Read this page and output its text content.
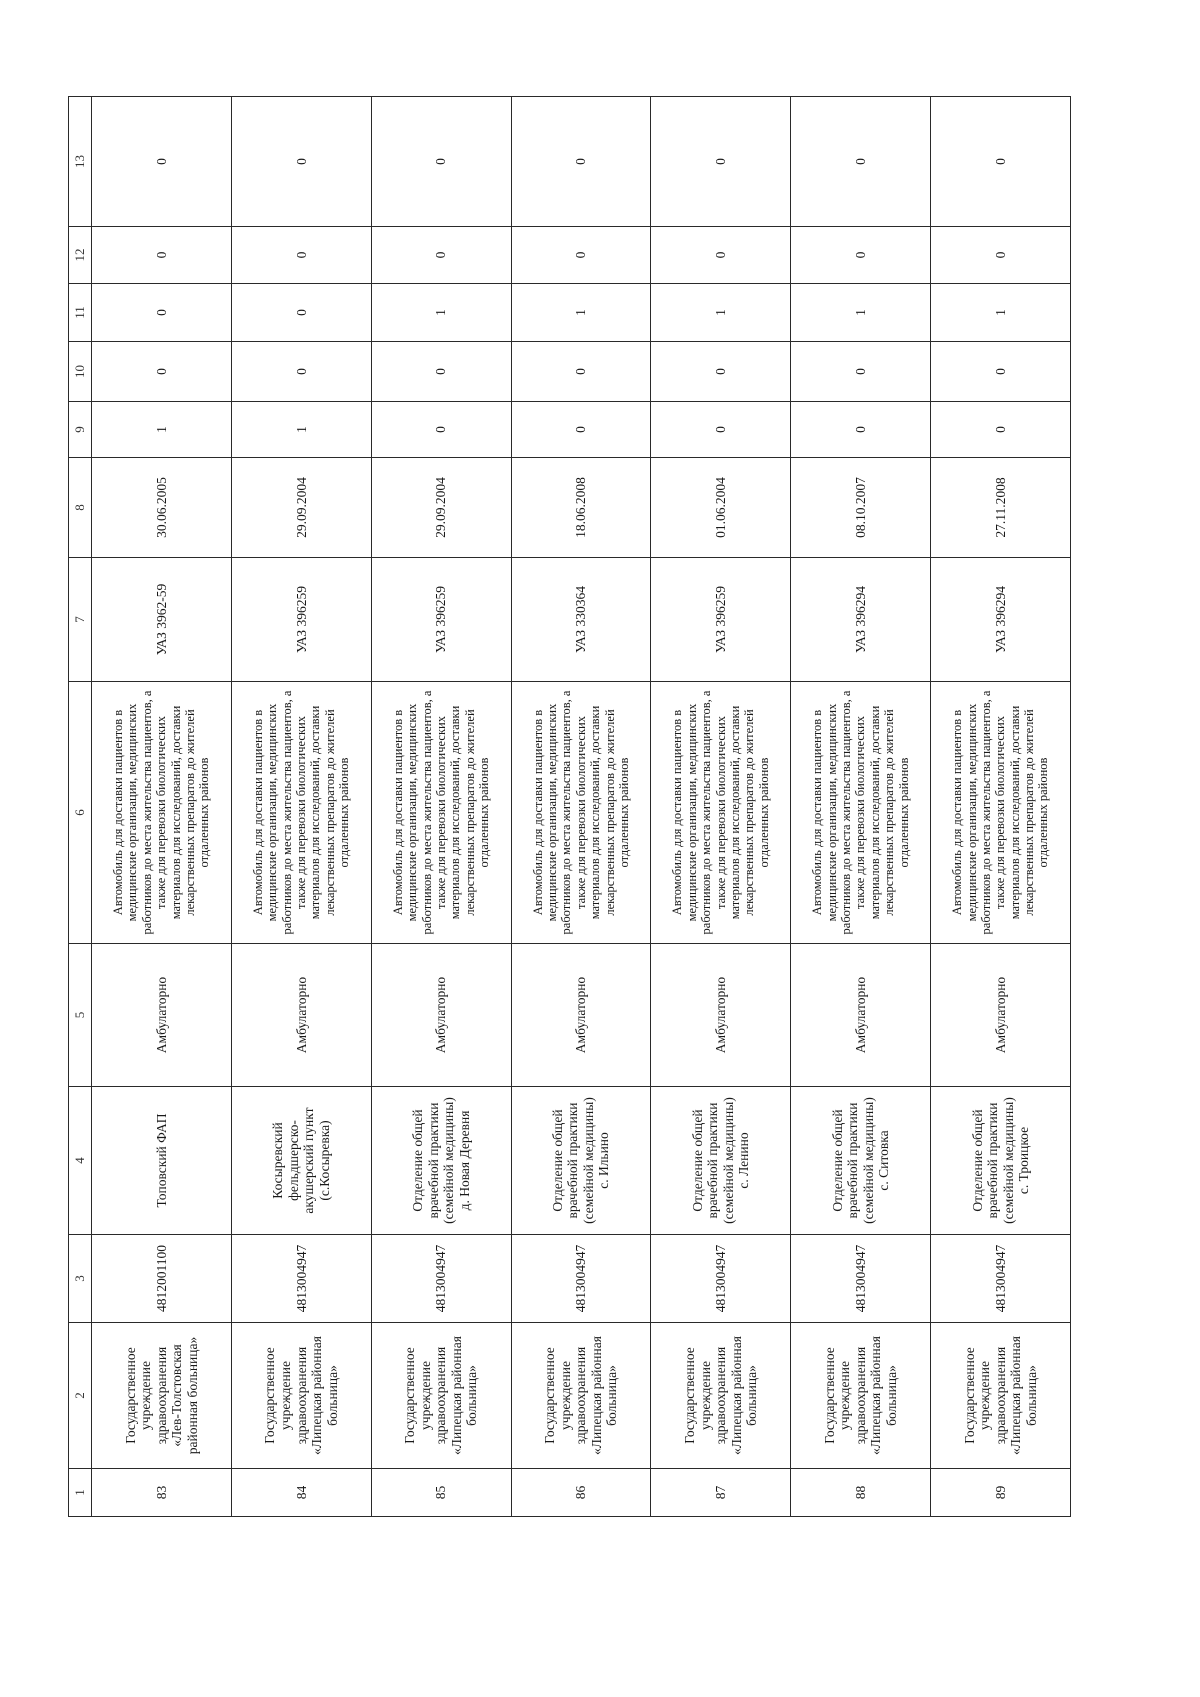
1	2	3	4	5	6	7	8	9	10	11	12	13
83	Государственное учреждение здравоохранения «Лев-Толстовская районная больница»	4812001100	Топовский ФАП	Амбулаторно	Автомобиль для доставки пациентов в медицинские организации, медицинских работников до места жительства пациентов, а также для перевозки биологических материалов для исследований, доставки лекарственных препаратов до жителей отдаленных районов	УАЗ 3962-59	30.06.2005	1	0	0	0	0
84	Государственное учреждение здравоохранения «Липецкая районная больница»	4813004947	Косыревский фельдшерско-акушерский пункт (с.Косыревка)	Амбулаторно	Автомобиль для доставки пациентов в медицинские организации, медицинских работников до места жительства пациентов, а также для перевозки биологических материалов для исследований, доставки лекарственных препаратов до жителей отдаленных районов	УАЗ 396259	29.09.2004	1	0	0	0	0
85	Государственное учреждение здравоохранения «Липецкая районная больница»	4813004947	Отделение общей врачебной практики (семейной медицины) д. Новая Деревня	Амбулаторно	Автомобиль для доставки пациентов в медицинские организации, медицинских работников до места жительства пациентов, а также для перевозки биологических материалов для исследований, доставки лекарственных препаратов до жителей отдаленных районов	УАЗ 396259	29.09.2004	0	0	1	0	0
86	Государственное учреждение здравоохранения «Липецкая районная больница»	4813004947	Отделение общей врачебной практики (семейной медицины) с. Ильино	Амбулаторно	Автомобиль для доставки пациентов в медицинские организации, медицинских работников до места жительства пациентов, а также для перевозки биологических материалов для исследований, доставки лекарственных препаратов до жителей отдаленных районов	УАЗ 330364	18.06.2008	0	0	1	0	0
87	Государственное учреждение здравоохранения «Липецкая районная больница»	4813004947	Отделение общей врачебной практики (семейной медицины) с. Ленино	Амбулаторно	Автомобиль для доставки пациентов в медицинские организации, медицинских работников до места жительства пациентов, а также для перевозки биологических материалов для исследований, доставки лекарственных препаратов до жителей отдаленных районов	УАЗ 396259	01.06.2004	0	0	1	0	0
88	Государственное учреждение здравоохранения «Липецкая районная больница»	4813004947	Отделение общей врачебной практики (семейной медицины) с. Ситовка	Амбулаторно	Автомобиль для доставки пациентов в медицинские организации, медицинских работников до места жительства пациентов, а также для перевозки биологических материалов для исследований, доставки лекарственных препаратов до жителей отдаленных районов	УАЗ 396294	08.10.2007	0	0	1	0	0
89	Государственное учреждение здравоохранения «Липецкая районная больница»	4813004947	Отделение общей врачебной практики (семейной медицины) с. Троицкое	Амбулаторно	Автомобиль для доставки пациентов в медицинские организации, медицинских работников до места жительства пациентов, а также для перевозки биологических материалов для исследований, доставки лекарственных препаратов до жителей отдаленных районов	УАЗ 396294	27.11.2008	0	0	1	0	0
